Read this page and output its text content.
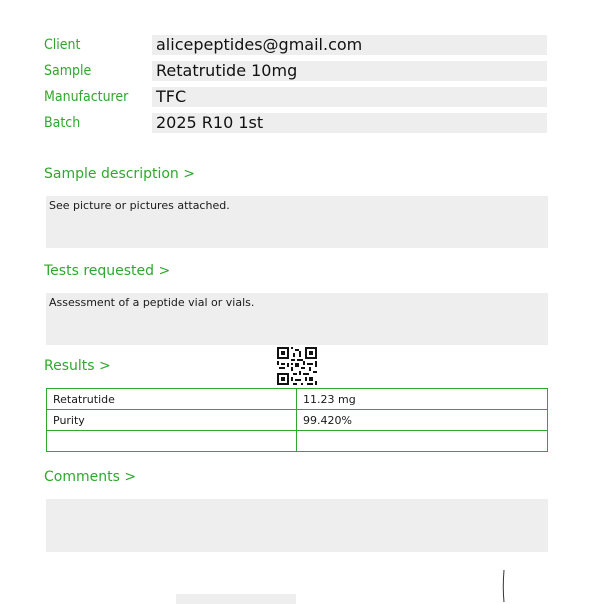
Client	alicepeptides@gmail.com
Sample	Retatrutide 10mg
Manufacturer TFC
Batch	2025 R10 1st
Sample description >
See picture or pictures attached.
Tests requested >
Assessment of a peptide vial or vials.
Results >
Retatrutide	11.23 mg
Purity	99.420%

Comments >
